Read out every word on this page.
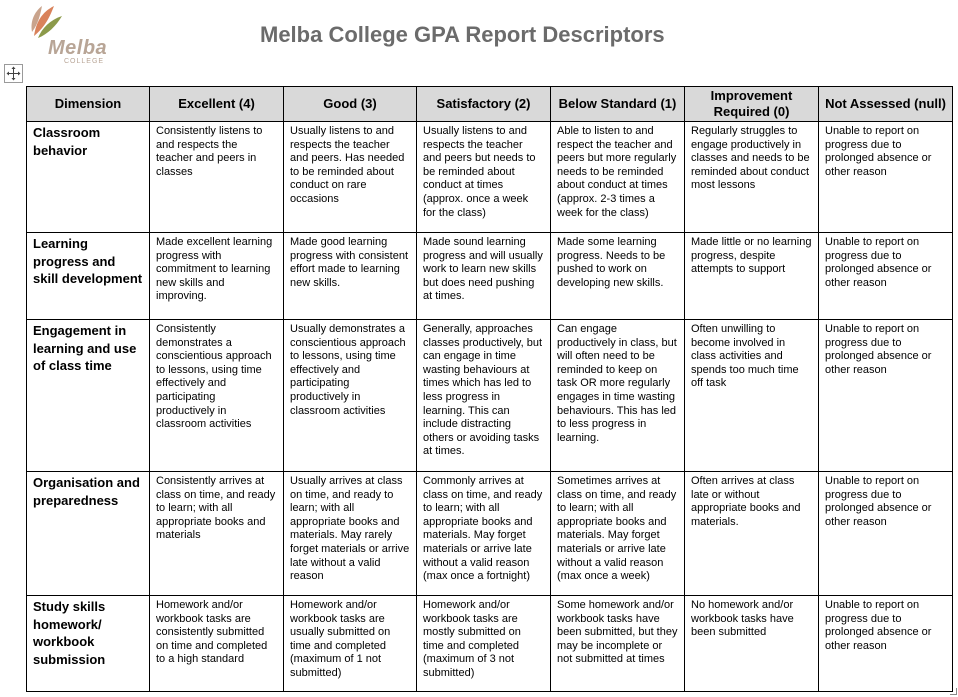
Melba
COLLEGE
Melba College GPA Report Descriptors
Dimension	Excellent (4)	Good (3)	Satisfactory (2)	Below Standard (1)	Improvement Required (0)	Not Assessed (null)
Classroom behavior	Consistently listens to and respects the teacher and peers in classes	Usually listens to and respects the teacher and peers. Has needed to be reminded about conduct on rare occasions	Usually listens to and respects the teacher and peers but needs to be reminded about conduct at times (approx. once a week for the class)	Able to listen to and respect the teacher and peers but more regularly needs to be reminded about conduct at times (approx. 2-3 times a week for the class)	Regularly struggles to engage productively in classes and needs to be reminded about conduct most lessons	Unable to report on progress due to prolonged absence or other reason
Learning progress and skill development	Made excellent learning progress with commitment to learning new skills and improving.	Made good learning progress with consistent effort made to learning new skills.	Made sound learning progress and will usually work to learn new skills but does need pushing at times.	Made some learning progress. Needs to be pushed to work on developing new skills.	Made little or no learning progress, despite attempts to support	Unable to report on progress due to prolonged absence or other reason
Engagement in learning and use of class time	Consistently demonstrates a conscientious approach to lessons, using time effectively and participating productively in classroom activities	Usually demonstrates a conscientious approach to lessons, using time effectively and participating productively in classroom activities	Generally, approaches classes productively, but can engage in time wasting behaviours at times which has led to less progress in learning. This can include distracting others or avoiding tasks at times.	Can engage productively in class, but will often need to be reminded to keep on task OR more regularly engages in time wasting behaviours. This has led to less progress in learning.	Often unwilling to become involved in class activities and spends too much time off task	Unable to report on progress due to prolonged absence or other reason
Organisation and preparedness	Consistently arrives at class on time, and ready to learn; with all appropriate books and materials	Usually arrives at class on time, and ready to learn; with all appropriate books and materials. May rarely forget materials or arrive late without a valid reason	Commonly arrives at class on time, and ready to learn; with all appropriate books and materials. May forget materials or arrive late without a valid reason (max once a fortnight)	Sometimes arrives at class on time, and ready to learn; with all appropriate books and materials. May forget materials or arrive late without a valid reason (max once a week)	Often arrives at class late or without appropriate books and materials.	Unable to report on progress due to prolonged absence or other reason
Study skills homework/ workbook submission	Homework and/or workbook tasks are consistently submitted on time and completed to a high standard	Homework and/or workbook tasks are usually submitted on time and completed (maximum of 1 not submitted)	Homework and/or workbook tasks are mostly submitted on time and completed (maximum of 3 not submitted)	Some homework and/or workbook tasks have been submitted, but they may be incomplete or not submitted at times	No homework and/or workbook tasks have been submitted	Unable to report on progress due to prolonged absence or other reason
